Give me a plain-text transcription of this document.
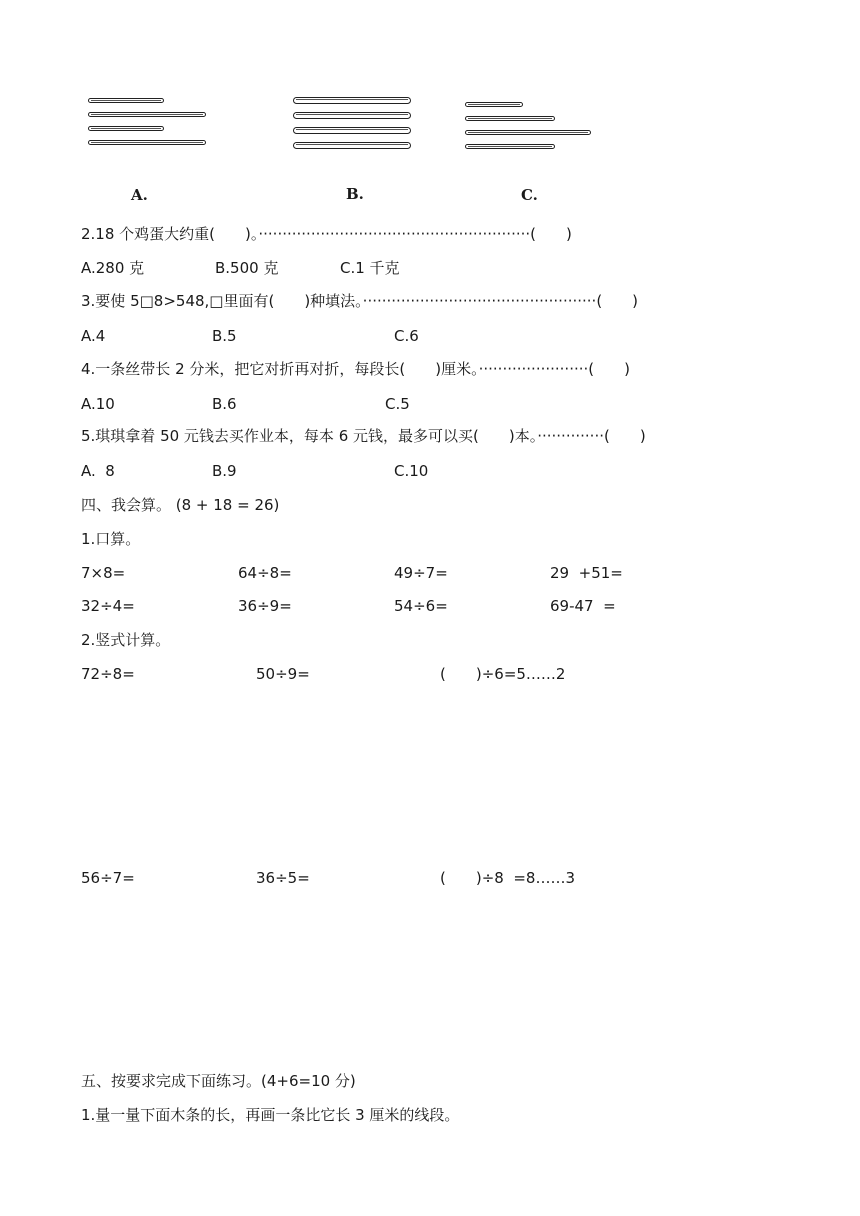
A.	B.	C.
2.18 个鸡蛋大约重(　　)。·························································(　　)
A.280 克	B.500 克	C.1 千克
3.要使 5□8>548,□里面有(　　)种填法。·················································(　　)
A.4	B.5	C.6
4.一条丝带长 2 分米，把它对折再对折，每段长(　　)厘米。·······················(　　)
A.10	B.6	C.5
5.琪琪拿着 50 元钱去买作业本，每本 6 元钱，最多可以买(　　)本。··············(　　)
A.  8	B.9	C.10
四、我会算。 (8 + 18 = 26)
1.口算。
7×8=	64÷8=	49÷7=	29  +51=
32÷4=	36÷9=	54÷6=	69-47  =
2.竖式计算。
72÷8=	50÷9=	(　　)÷6=5……2
56÷7=	36÷5=	(　　)÷8  =8……3
五、按要求完成下面练习。(4+6=10 分)
1.量一量下面木条的长，再画一条比它长 3 厘米的线段。
